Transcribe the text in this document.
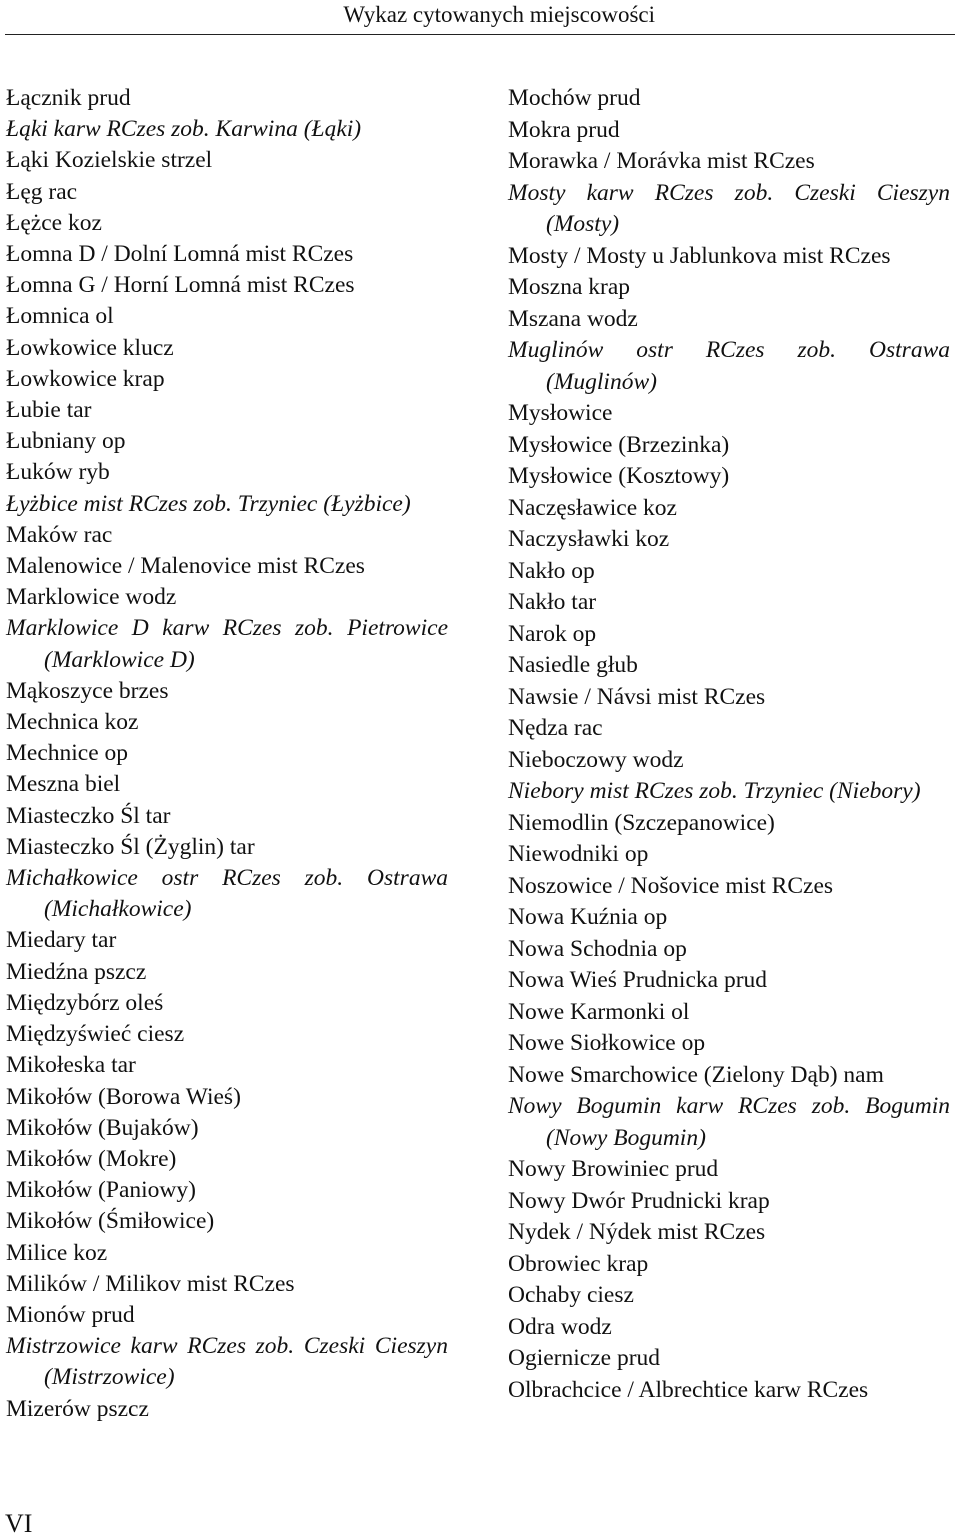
Wykaz cytowanych miejscowości
Łącznik prud
Łąki karw RCzes zob. Karwina (Łąki)
Łąki Kozielskie strzel
Łęg rac
Łężce koz
Łomna D / Dolní Lomná mist RCzes
Łomna G / Horní Lomná mist RCzes
Łomnica ol
Łowkowice klucz
Łowkowice krap
Łubie tar
Łubniany op
Łuków ryb
Łyżbice mist RCzes zob. Trzyniec (Łyżbice)
Maków rac
Malenowice / Malenovice mist RCzes
Marklowice wodz
Marklowice D karw RCzes zob. Pietrowice (Marklowice D)
Mąkoszyce brzes
Mechnica koz
Mechnice op
Meszna biel
Miasteczko Śl tar
Miasteczko Śl (Żyglin) tar
Michałkowice ostr RCzes zob. Ostrawa (Michałkowice)
Miedary tar
Miedźna pszcz
Międzybórz oleś
Międzyświeć ciesz
Mikołeska tar
Mikołów (Borowa Wieś)
Mikołów (Bujaków)
Mikołów (Mokre)
Mikołów (Paniowy)
Mikołów (Śmiłowice)
Milice koz
Milików / Milikov mist RCzes
Mionów prud
Mistrzowice karw RCzes zob. Czeski Cieszyn (Mistrzowice)
Mizerów pszcz
Mochów prud
Mokra prud
Morawka / Morávka mist RCzes
Mosty karw RCzes zob. Czeski Cieszyn (Mosty)
Mosty / Mosty u Jablunkova mist RCzes
Moszna krap
Mszana wodz
Muglinów ostr RCzes zob. Ostrawa (Muglinów)
Mysłowice
Mysłowice (Brzezinka)
Mysłowice (Kosztowy)
Naczęsławice koz
Naczysławki koz
Nakło op
Nakło tar
Narok op
Nasiedle głub
Nawsie / Návsi mist RCzes
Nędza rac
Nieboczowy wodz
Niebory mist RCzes zob. Trzyniec (Niebory)
Niemodlin (Szczepanowice)
Niewodniki op
Noszowice / Nošovice mist RCzes
Nowa Kuźnia op
Nowa Schodnia op
Nowa Wieś Prudnicka prud
Nowe Karmonki ol
Nowe Siołkowice op
Nowe Smarchowice (Zielony Dąb) nam
Nowy Bogumin karw RCzes zob. Bogumin (Nowy Bogumin)
Nowy Browiniec prud
Nowy Dwór Prudnicki krap
Nydek / Nýdek mist RCzes
Obrowiec krap
Ochaby ciesz
Odra wodz
Ogiernicze prud
Olbrachcice / Albrechtice karw RCzes
VI
